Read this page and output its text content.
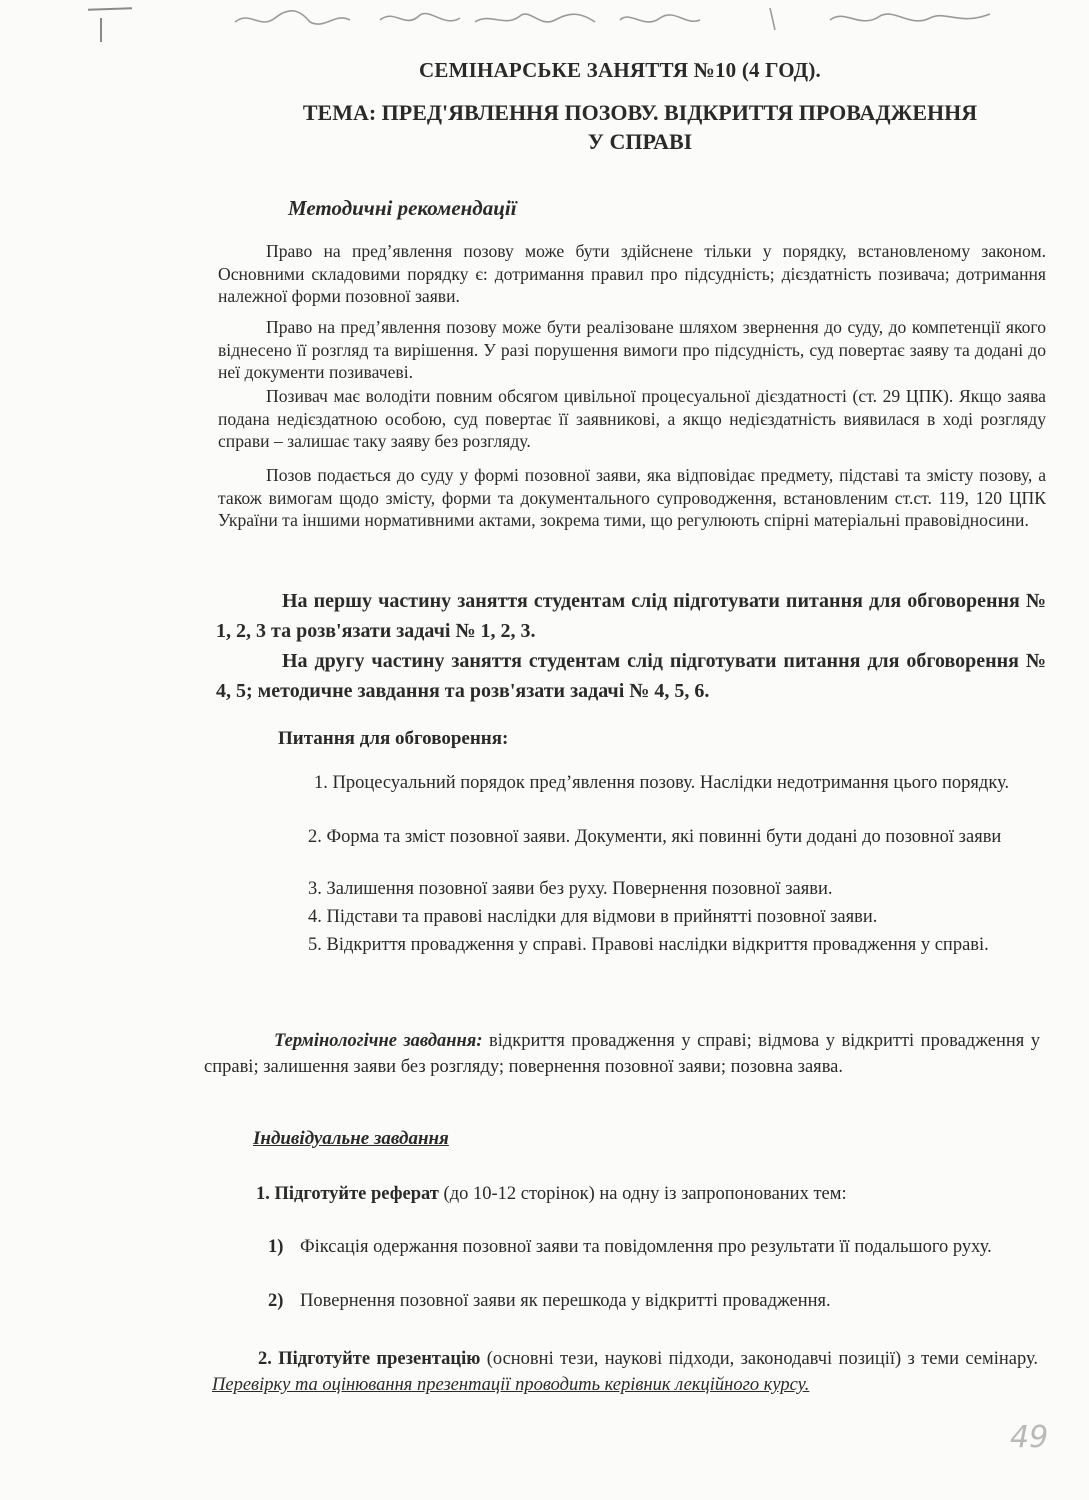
СЕМІНАРСЬКЕ ЗАНЯТТЯ №10 (4 ГОД).
ТЕМА: ПРЕД'ЯВЛЕННЯ ПОЗОВУ. ВІДКРИТТЯ ПРОВАДЖЕННЯ
У СПРАВІ
Методичні рекомендації
Право на пред’явлення позову може бути здійснене тільки у порядку, встановленому законом. Основними складовими порядку є: дотримання правил про підсудність; дієздатність позивача; дотримання належної форми позовної заяви.
Право на пред’явлення позову може бути реалізоване шляхом звернення до суду, до компетенції якого віднесено її розгляд та вирішення. У разі порушення вимоги про підсудність, суд повертає заяву та додані до неї документи позивачеві.
Позивач має володіти повним обсягом цивільної процесуальної дієздатності (ст. 29 ЦПК). Якщо заява подана недієздатною особою, суд повертає її заявникові, а якщо недієздатність виявилася в ході розгляду справи – залишає таку заяву без розгляду.
Позов подається до суду у формі позовної заяви, яка відповідає предмету, підставі та змісту позову, а також вимогам щодо змісту, форми та документального супроводження, встановленим ст.ст. 119, 120 ЦПК України та іншими нормативними актами, зокрема тими, що регулюють спірні матеріальні правовідносини.
На першу частину заняття студентам слід підготувати питання для обговорення № 1, 2, 3 та розв'язати задачі № 1, 2, 3.
На другу частину заняття студентам слід підготувати питання для обговорення № 4, 5; методичне завдання та розв'язати задачі № 4, 5, 6.
Питання для обговорення:
1. Процесуальний порядок пред’явлення позову. Наслідки недотримання цього порядку.
2. Форма та зміст позовної заяви. Документи, які повинні бути додані до позовної заяви
3. Залишення позовної заяви без руху. Повернення позовної заяви.
4. Підстави та правові наслідки для відмови в прийнятті позовної заяви.
5. Відкриття провадження у справі. Правові наслідки відкриття провадження у справі.
Термінологічне завдання: відкриття провадження у справі; відмова у відкритті провадження у справі; залишення заяви без розгляду; повернення позовної заяви; позовна заява.
Індивідуальне завдання
1. Підготуйте реферат (до 10-12 сторінок) на одну із запропонованих тем:
1) Фіксація одержання позовної заяви та повідомлення про результати її подальшого руху.
2) Повернення позовної заяви як перешкода у відкритті провадження.
2. Підготуйте презентацію (основні тези, наукові підходи, законодавчі позиції) з теми семінару. Перевірку та оцінювання презентації проводить керівник лекційного курсу.
49
